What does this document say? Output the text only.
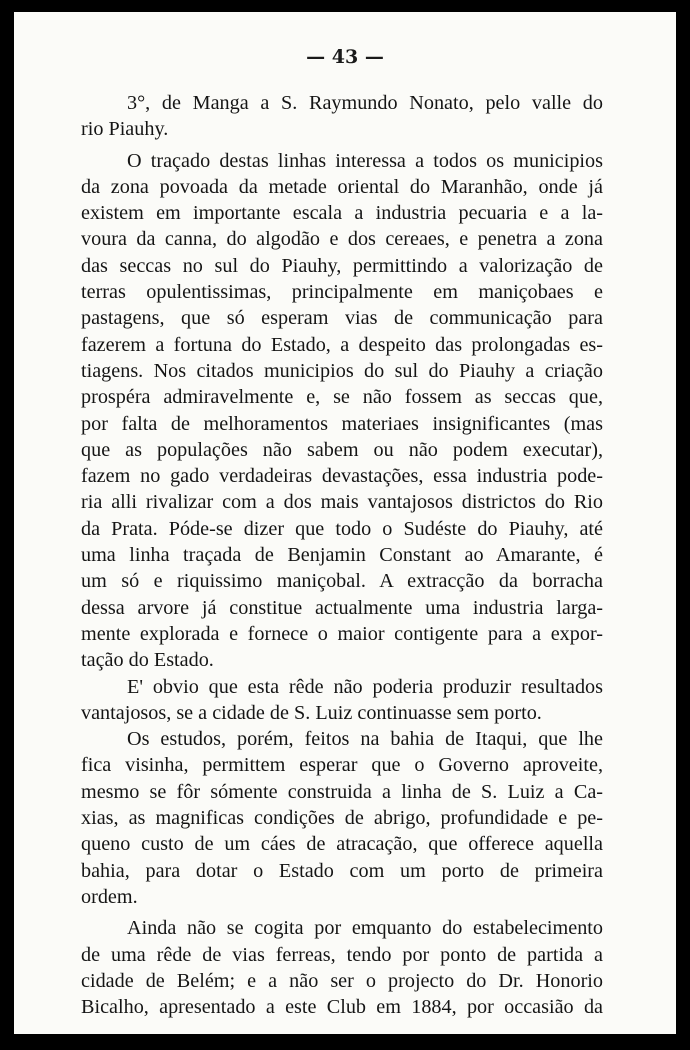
— 43 —
3°, de Manga a S. Raymundo Nonato, pelo valle do
rio Piauhy.
O traçado destas linhas interessa a todos os municipios
da zona povoada da metade oriental do Maranhão, onde já
existem em importante escala a industria pecuaria e a la-
voura da canna, do algodão e dos cereaes, e penetra a zona
das seccas no sul do Piauhy, permittindo a valorização de
terras opulentissimas, principalmente em maniçobaes e
pastagens, que só esperam vias de communicação para
fazerem a fortuna do Estado, a despeito das prolongadas es-
tiagens. Nos citados municipios do sul do Piauhy a criação
prospéra admiravelmente e, se não fossem as seccas que,
por falta de melhoramentos materiaes insignificantes (mas
que as populações não sabem ou não podem executar),
fazem no gado verdadeiras devastações, essa industria pode-
ria alli rivalizar com a dos mais vantajosos districtos do Rio
da Prata. Póde-se dizer que todo o Sudéste do Piauhy, até
uma linha traçada de Benjamin Constant ao Amarante, é
um só e riquissimo maniçobal. A extracção da borracha
dessa arvore já constitue actualmente uma industria larga-
mente explorada e fornece o maior contigente para a expor-
tação do Estado.
E' obvio que esta rêde não poderia produzir resultados
vantajosos, se a cidade de S. Luiz continuasse sem porto.
Os estudos, porém, feitos na bahia de Itaqui, que lhe
fica visinha, permittem esperar que o Governo aproveite,
mesmo se fôr sómente construida a linha de S. Luiz a Ca-
xias, as magnificas condições de abrigo, profundidade e pe-
queno custo de um cáes de atracação, que offerece aquella
bahia, para dotar o Estado com um porto de primeira
ordem.
Ainda não se cogita por emquanto do estabelecimento
de uma rêde de vias ferreas, tendo por ponto de partida a
cidade de Belém; e a não ser o projecto do Dr. Honorio
Bicalho, apresentado a este Club em 1884, por occasião da
